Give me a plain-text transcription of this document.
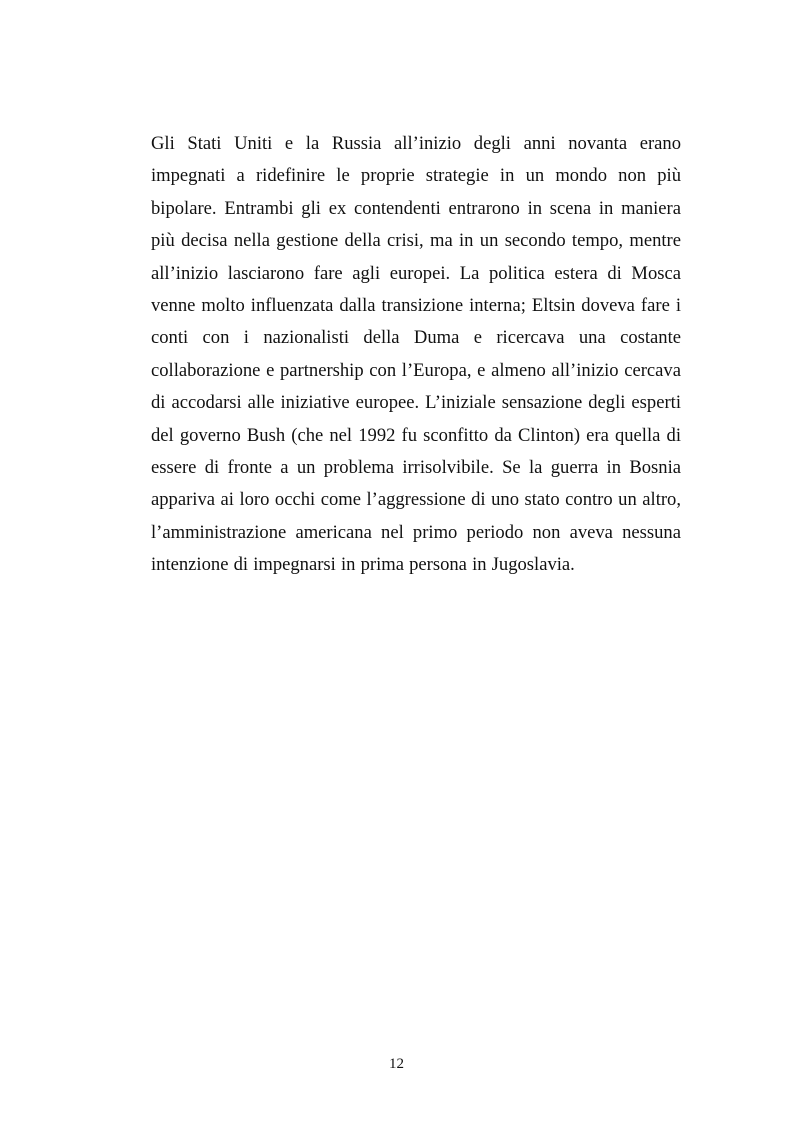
Gli Stati Uniti e la Russia all’inizio degli anni novanta erano impegnati a ridefinire le proprie strategie in un mondo non più bipolare. Entrambi gli ex contendenti entrarono in scena in maniera più decisa nella gestione della crisi, ma in un secondo tempo, mentre all’inizio lasciarono fare agli europei. La politica estera di Mosca venne molto influenzata dalla transizione interna; Eltsin doveva fare i conti con i nazionalisti della Duma e ricercava una costante collaborazione e partnership con l’Europa, e almeno all’inizio cercava di accodarsi alle iniziative europee. L’iniziale sensazione degli esperti del governo Bush (che nel 1992 fu sconfitto da Clinton) era quella di essere di fronte a un problema irrisolvibile. Se la guerra in Bosnia appariva ai loro occhi come l’aggressione di uno stato contro un altro, l’amministrazione americana nel primo periodo non aveva nessuna intenzione di impegnarsi in prima persona in Jugoslavia.

12
